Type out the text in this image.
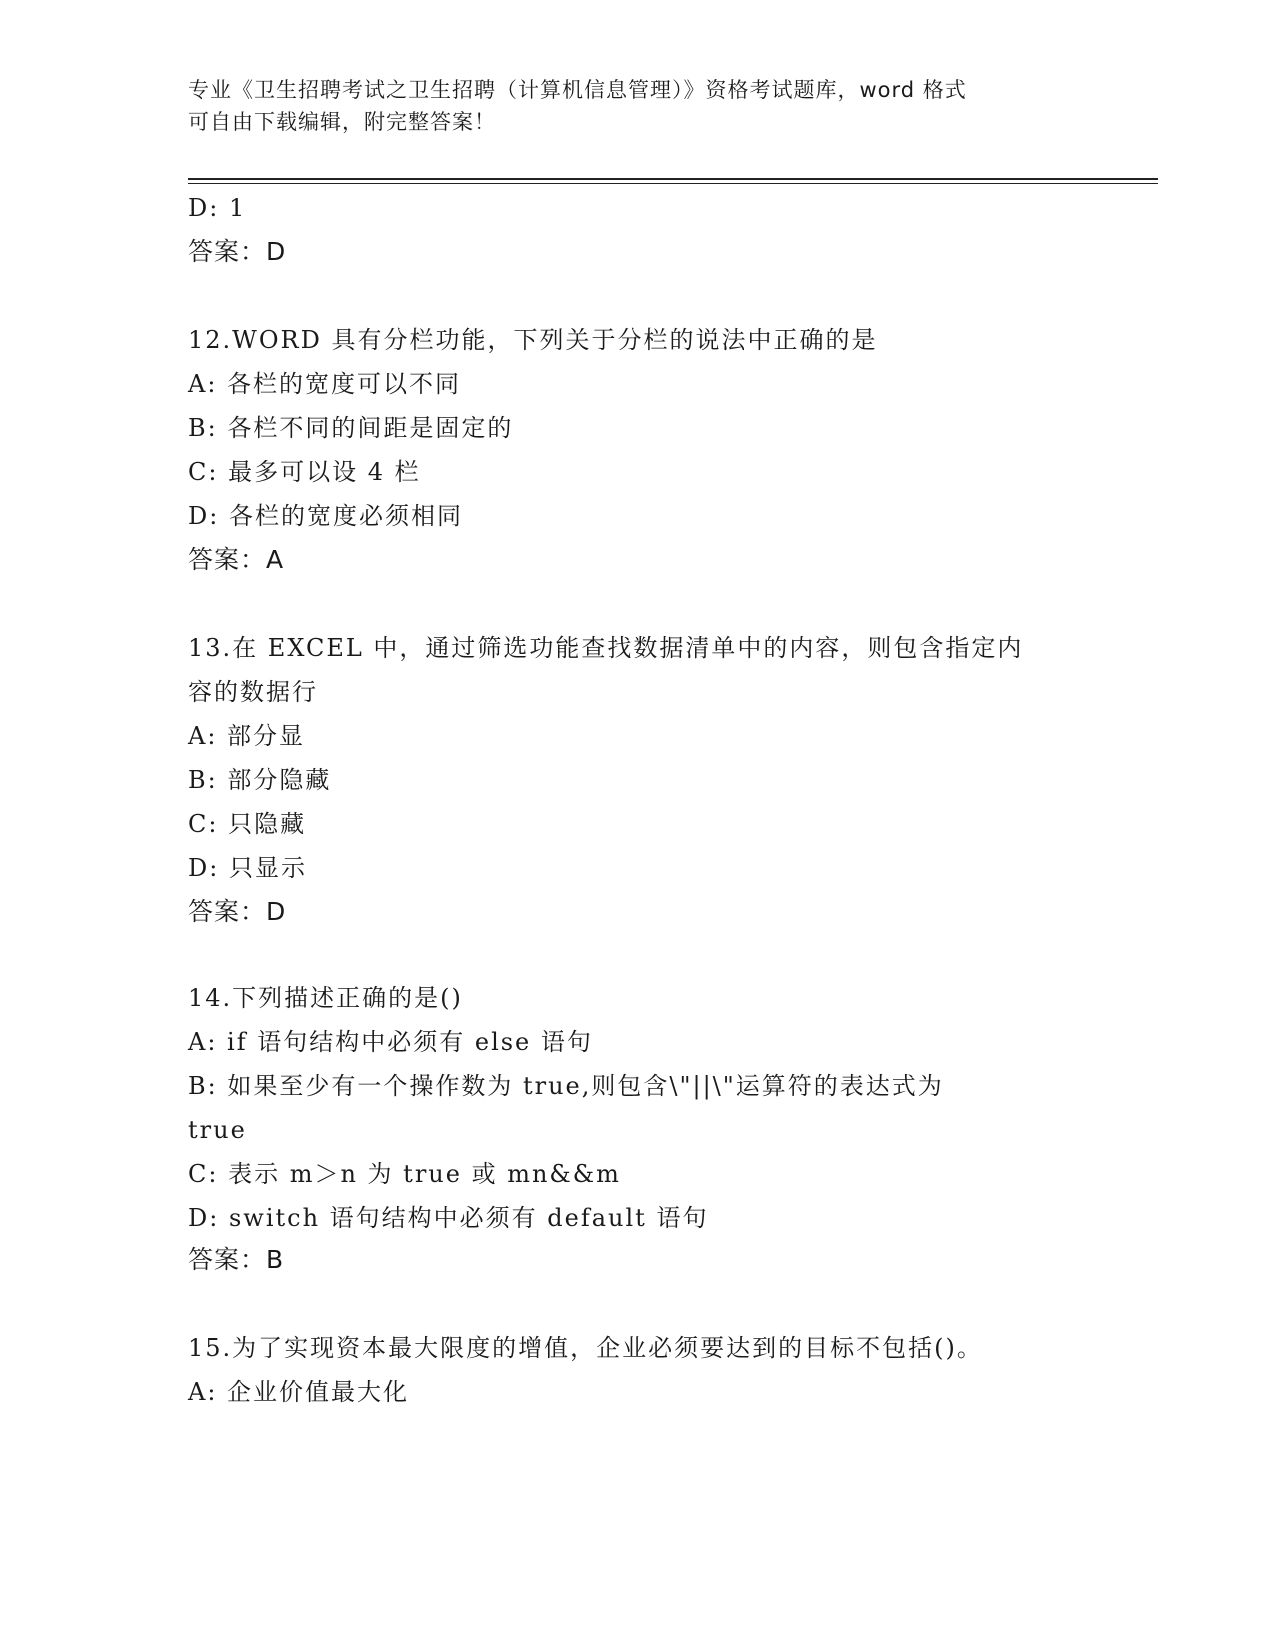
专业《卫生招聘考试之卫生招聘（计算机信息管理）》资格考试题库，word 格式
可自由下载编辑，附完整答案！
D: 1
答案：D
12.WORD 具有分栏功能，下列关于分栏的说法中正确的是
A: 各栏的宽度可以不同
B: 各栏不同的间距是固定的
C: 最多可以设 4 栏
D: 各栏的宽度必须相同
答案：A
13.在 EXCEL 中，通过筛选功能查找数据清单中的内容，则包含指定内
容的数据行
A: 部分显
B: 部分隐藏
C: 只隐藏
D: 只显示
答案：D
14.下列描述正确的是()
A: if 语句结构中必须有 else 语句
B: 如果至少有一个操作数为 true,则包含\"||\"运算符的表达式为
true
C: 表示 m＞n 为 true 或 mn&&m
D: switch 语句结构中必须有 default 语句
答案：B
15.为了实现资本最大限度的增值，企业必须要达到的目标不包括()。
A: 企业价值最大化
